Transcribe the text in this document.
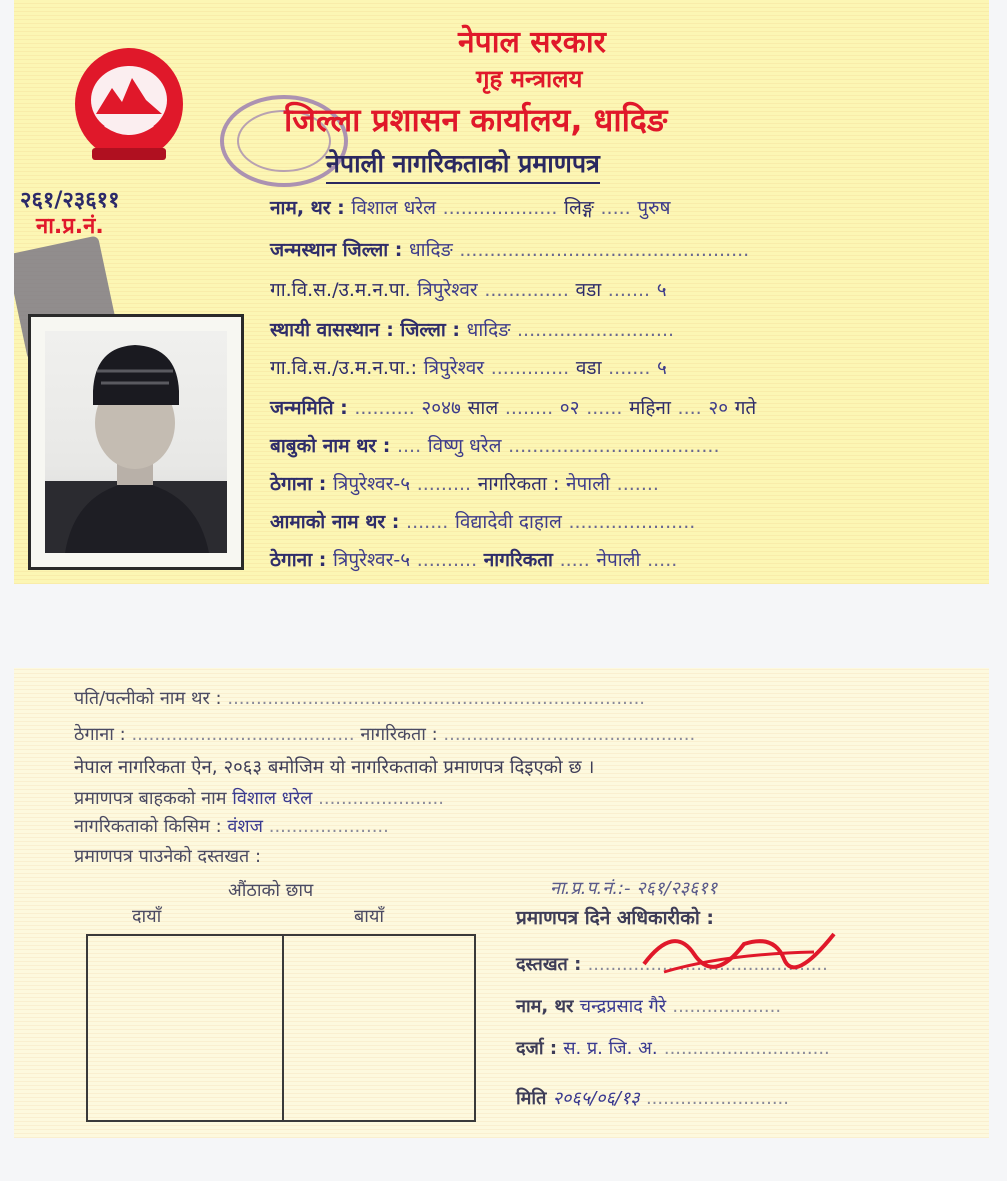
नेपाल सरकार
गृह मन्त्रालय
जिल्ला प्रशासन कार्यालय, धादिङ
नेपाली नागरिकताको प्रमाणपत्र
२६१/२३६११
ना.प्र.नं.
नाम, थर : विशाल धरेल ................... लिङ्ग ..... पुरुष
जन्मस्थान जिल्ला : धादिङ ................................................
गा.वि.स./उ.म.न.पा. त्रिपुरेश्वर .............. वडा ....... ५
स्थायी वासस्थान : जिल्ला : धादिङ ..........................
गा.वि.स./उ.म.न.पा.: त्रिपुरेश्वर ............. वडा ....... ५
जन्ममिति : .......... २०४७ साल ........ ०२ ...... महिना .... २० गते
बाबुको नाम थर : .... विष्णु धरेल ...................................
ठेगाना : त्रिपुरेश्वर-५ ......... नागरिकता : नेपाली .......
आमाको नाम थर : ....... विद्यादेवी दाहाल .....................
ठेगाना : त्रिपुरेश्वर-५ .......... नागरिकता ..... नेपाली .....
पति/पत्नीको नाम थर : .........................................................................
ठेगाना : ....................................... नागरिकता : ............................................
नेपाल नागरिकता ऐन, २०६३ बमोजिम यो नागरिकताको प्रमाणपत्र दिइएको छ ।
प्रमाणपत्र बाहकको नाम विशाल धरेल ......................
नागरिकताको किसिम : वंशज .....................
प्रमाणपत्र पाउनेको दस्तखत :
औंठाको छाप
दायाँ	बायाँ
ना.प्र.प.नं.:- २६१/२३६११
प्रमाणपत्र दिने अधिकारीको :
दस्तखत : ..........................................
नाम, थर चन्द्रप्रसाद गैरे ...................
दर्जा : स. प्र. जि. अ. .............................
मिति २०६५/०६/१३ .........................
